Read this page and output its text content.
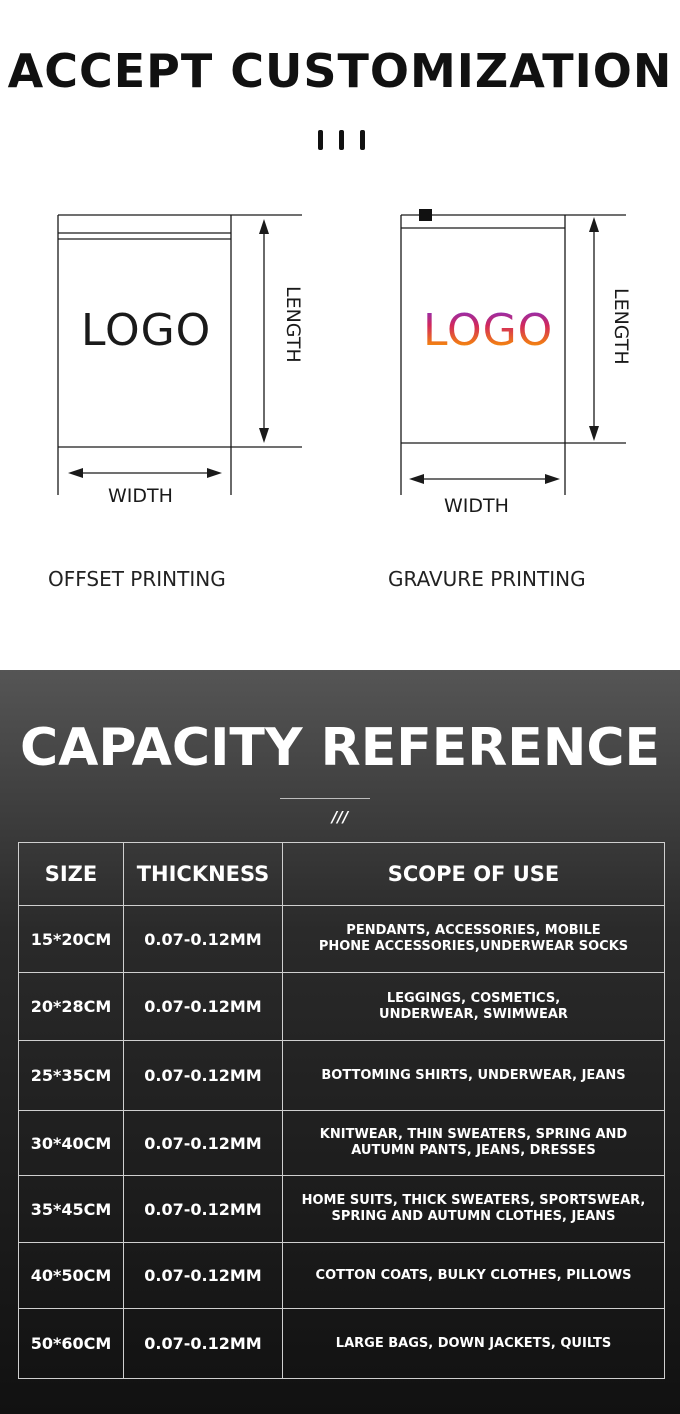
ACCEPT CUSTOMIZATION
LOGO
WIDTH
LENGTH
OFFSET PRINTING
LOGO
WIDTH
LENGTH
GRAVURE PRINTING
CAPACITY REFERENCE
///
SIZE	THICKNESS	SCOPE OF USE
15*20CM	0.07-0.12MM	PENDANTS, ACCESSORIES, MOBILE
PHONE ACCESSORIES,UNDERWEAR SOCKS

20*28CM	0.07-0.12MM	LEGGINGS, COSMETICS,
UNDERWEAR, SWIMWEAR

25*35CM	0.07-0.12MM	BOTTOMING SHIRTS, UNDERWEAR, JEANS

30*40CM	0.07-0.12MM	KNITWEAR, THIN SWEATERS, SPRING AND
AUTUMN PANTS, JEANS, DRESSES

35*45CM	0.07-0.12MM	HOME SUITS, THICK SWEATERS, SPORTSWEAR,
SPRING AND AUTUMN CLOTHES, JEANS

40*50CM	0.07-0.12MM	COTTON COATS, BULKY CLOTHES, PILLOWS

50*60CM	0.07-0.12MM	LARGE BAGS, DOWN JACKETS, QUILTS
